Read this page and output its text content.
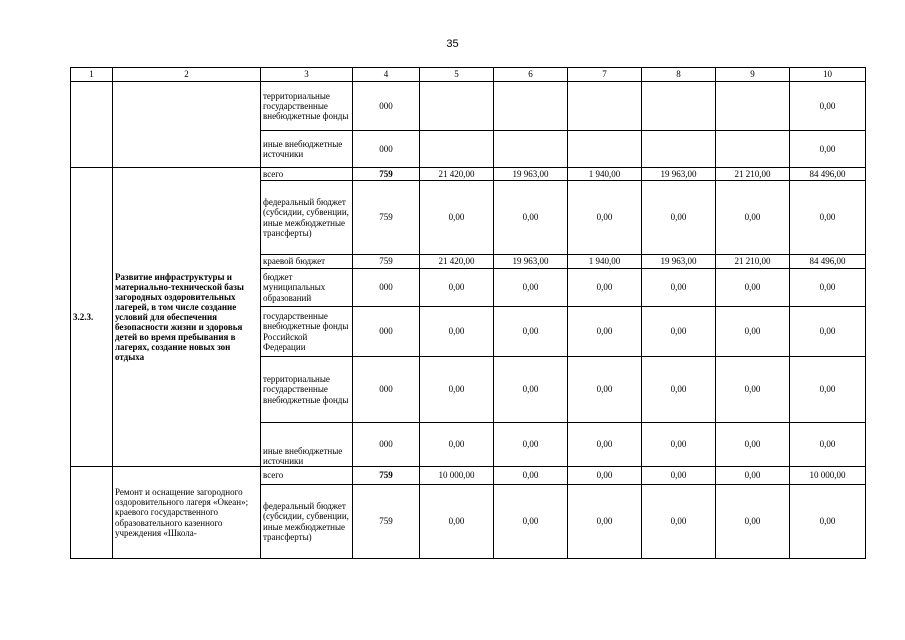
35
1	2	3	4	5	6	7	8	9	10
		территориальные государственные внебюджетные фонды	000						0,00
		иные внебюджетные источники	000						0,00
3.2.3.	Развитие инфраструктуры и материально-технической базы загородных оздоровительных лагерей, в том числе создание условий для обеспечения безопасности жизни и здоровья детей во время пребывания в лагерях, создание новых зон отдыха	всего	759	21 420,00	19 963,00	1 940,00	19 963,00	21 210,00	84 496,00
		федеральный бюджет (субсидии, субвенции, иные межбюджетные трансферты)	759	0,00	0,00	0,00	0,00	0,00	0,00
		краевой бюджет	759	21 420,00	19 963,00	1 940,00	19 963,00	21 210,00	84 496,00
		бюджет муниципальных образований	000	0,00	0,00	0,00	0,00	0,00	0,00
		государственные внебюджетные фонды Российской Федерации	000	0,00	0,00	0,00	0,00	0,00	0,00
		территориальные государственные внебюджетные фонды	000	0,00	0,00	0,00	0,00	0,00	0,00
		иные внебюджетные источники	000	0,00	0,00	0,00	0,00	0,00	0,00
	Ремонт и оснащение загородного оздоровительного лагеря «Океан»; краевого государственного образовательного казенного учреждения «Школа-	всего	759	10 000,00	0,00	0,00	0,00	0,00	10 000,00
		федеральный бюджет (субсидии, субвенции, иные межбюджетные трансферты)	759	0,00	0,00	0,00	0,00	0,00	0,00
